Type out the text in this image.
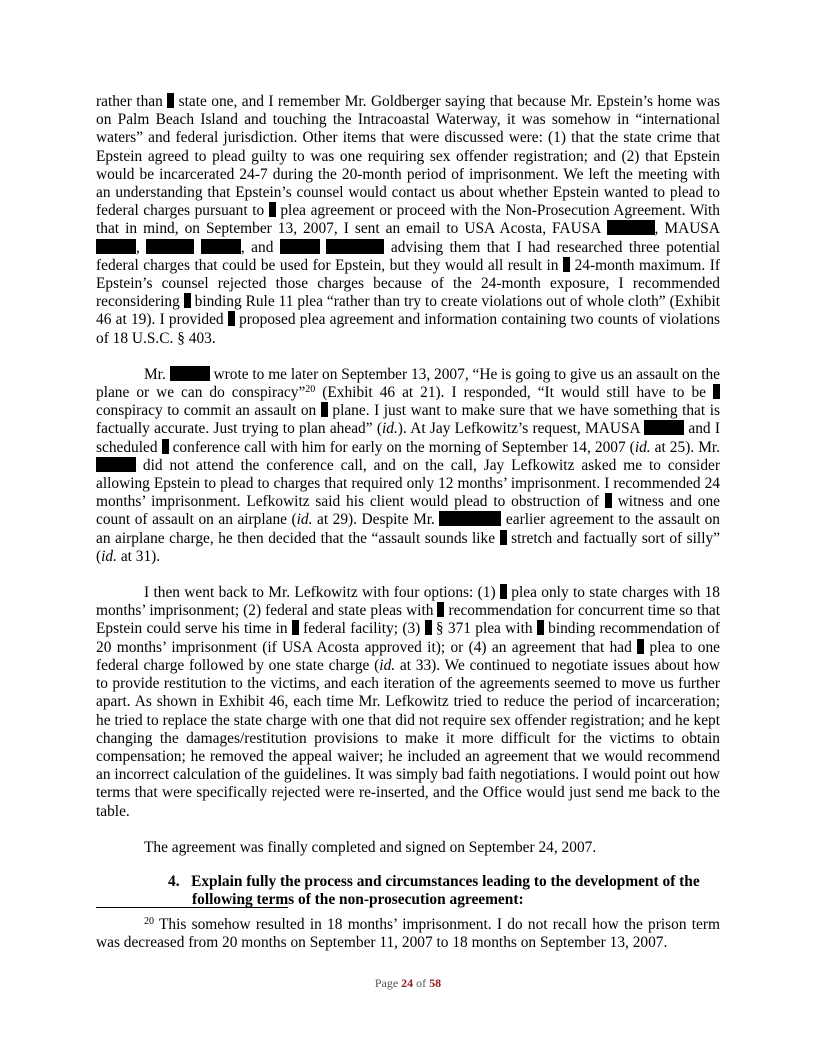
rather than  state one, and I remember Mr. Goldberger saying that because Mr. Epstein’s home was on Palm Beach Island and touching the Intracoastal Waterway, it was somehow in “international waters” and federal jurisdiction. Other items that were discussed were: (1) that the state crime that Epstein agreed to plead guilty to was one requiring sex offender registration; and (2) that Epstein would be incarcerated 24-7 during the 20-month period of imprisonment. We left the meeting with an understanding that Epstein’s counsel would contact us about whether Epstein wanted to plead to federal charges pursuant to  plea agreement or proceed with the Non-Prosecution Agreement. With that in mind, on September 13, 2007, I sent an email to USA Acosta, FAUSA	, MAUSA ,	, and	advising them that I had researched three potential federal charges that could be used for Epstein, but they would all result in  24-month maximum. If Epstein’s counsel rejected those charges because of the 24-month exposure, I recommended reconsidering  binding Rule 11 plea “rather than try to create violations out of whole cloth” (Exhibit 46 at 19). I provided  proposed plea agreement and information containing two counts of violations of 18 U.S.C. § 403.

Mr.	wrote to me later on September 13, 2007, “He is going to give us an assault on the plane or we can do conspiracy”$^{20}$ (Exhibit 46 at 21). I responded, “It would still have to be  conspiracy to commit an assault on  plane. I just want to make sure that we have something that is factually accurate. Just trying to plan ahead” (id.). At Jay Lefkowitz’s request, MAUSA	and I scheduled  conference call with him for early on the morning of September 14, 2007 (id. at 25). Mr.  did not attend the conference call, and on the call, Jay Lefkowitz asked me to consider allowing Epstein to plead to charges that required only 12 months’ imprisonment. I recommended 24 months’ imprisonment. Lefkowitz said his client would plead to obstruction of  witness and one count of assault on an airplane (id. at 29). Despite Mr.	earlier agreement to the assault on an airplane charge, he then decided that the “assault sounds like  stretch and factually sort of silly” (id. at 31).

I then went back to Mr. Lefkowitz with four options: (1)  plea only to state charges with 18 months’ imprisonment; (2) federal and state pleas with  recommendation for concurrent time so that Epstein could serve his time in  federal facility; (3)  § 371 plea with  binding recommendation of 20 months’ imprisonment (if USA Acosta approved it); or (4) an agreement that had  plea to one federal charge followed by one state charge (id. at 33). We continued to negotiate issues about how to provide restitution to the victims, and each iteration of the agreements seemed to move us further apart. As shown in Exhibit 46, each time Mr. Lefkowitz tried to reduce the period of incarceration; he tried to replace the state charge with one that did not require sex offender registration; and he kept changing the damages/restitution provisions to make it more difficult for the victims to obtain compensation; he removed the appeal waiver; he included an agreement that we would recommend an incorrect calculation of the guidelines. It was simply bad faith negotiations. I would point out how terms that were specifically rejected were re-inserted, and the Office would just send me back to the table.

The agreement was finally completed and signed on September 24, 2007.

4. Explain fully the process and circumstances leading to the development of the following terms of the non-prosecution agreement:

$^{20}$ This somehow resulted in 18 months’ imprisonment. I do not recall how the prison term was decreased from 20 months on September 11, 2007 to 18 months on September 13, 2007.
Page 24 of 58
